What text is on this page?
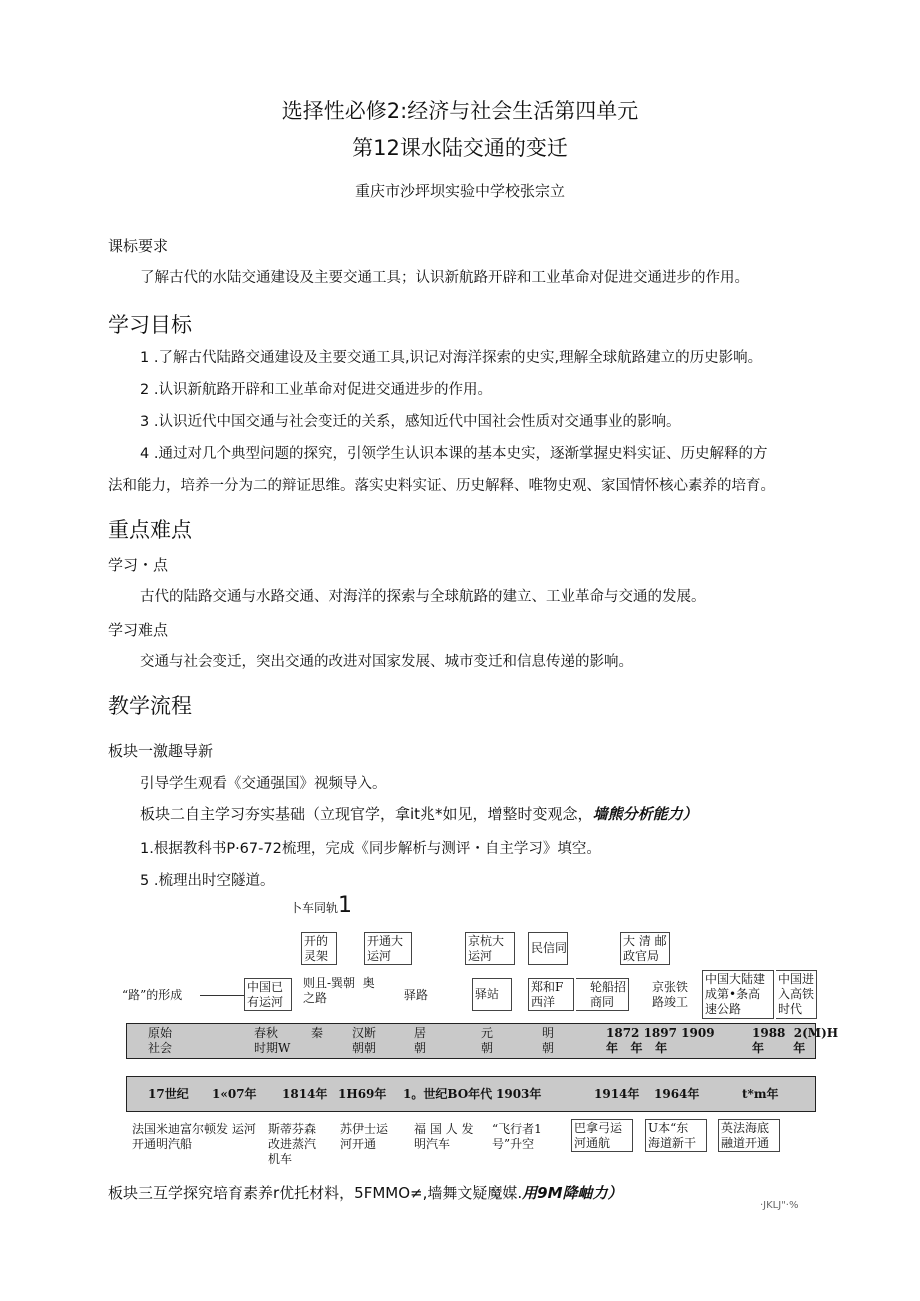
选择性必修2:经济与社会生活第四单元
第12课水陆交通的变迁
重庆市沙坪坝实验中学校张宗立
课标要求
了解古代的水陆交通建设及主要交通工具；认识新航路开辟和工业革命对促进交通进步的作用。
学习目标
1 .了解古代陆路交通建设及主要交通工具,识记对海洋探索的史实,理解全球航路建立的历史影响。
2 .认识新航路开辟和工业革命对促进交通进步的作用。
3 .认识近代中国交通与社会变迁的关系，感知近代中国社会性质对交通事业的影响。
4 .通过对几个典型问题的探究，引领学生认识本课的基本史实，逐渐掌握史料实证、历史解释的方
法和能力，培养一分为二的辩证思维。落实史料实证、历史解释、唯物史观、家国情怀核心素养的培育。
重点难点
学习・点
古代的陆路交通与水路交通、对海洋的探索与全球航路的建立、工业革命与交通的发展。
学习难点
交通与社会变迁，突出交通的改进对国家发展、城市变迁和信息传递的影响。
教学流程
板块一激趣导新
引导学生观看《交通强国》视频导入。
板块二自主学习夯实基础（立现官学，拿it兆*如见，增整时变观念，墙熊分析能力）
1.根据教科书P·67-72梳理，完成《同步解析与测评・自主学习》填空。
5 .梳理出时空隧道。
卜车同轨1
开的
灵架
开通大
运河
京杭大
运河
民信同	大 清 邮
政官局
“路”的形成
中国已
有运河
则且-巽朝  奥
之路	驿路	驿站	郑和F
西洋
轮船招
商同
京张铁
路竣工
中国大陆建
成第•条高
速公路
中国进
入高铁
时代
原始
社会
春秋
时期W
秦 汉断
朝朝
居
朝
元
朝
明
朝
1872 1897 1909
年   年   年
1988  2(M)H
年       年
17世纪 1«07年 1814年 1H69年 1。世纪BO年代 1903年	1914年 1964年	t*m年
法国米迪富尔顿发 运河
开通明汽船
斯蒂芬森
改进蒸汽
机车
苏伊士运
河开通
福 国 人 发
明汽车
“飞行者1
号”升空
巴拿弓运
河通航
U本“东
海道新干
英法海底
融道开通
板块三互学探究培育素养r优托材料，5FMMO≠,墙舞文疑魔媒.用9M降岫力）
·JKLJ"·%
